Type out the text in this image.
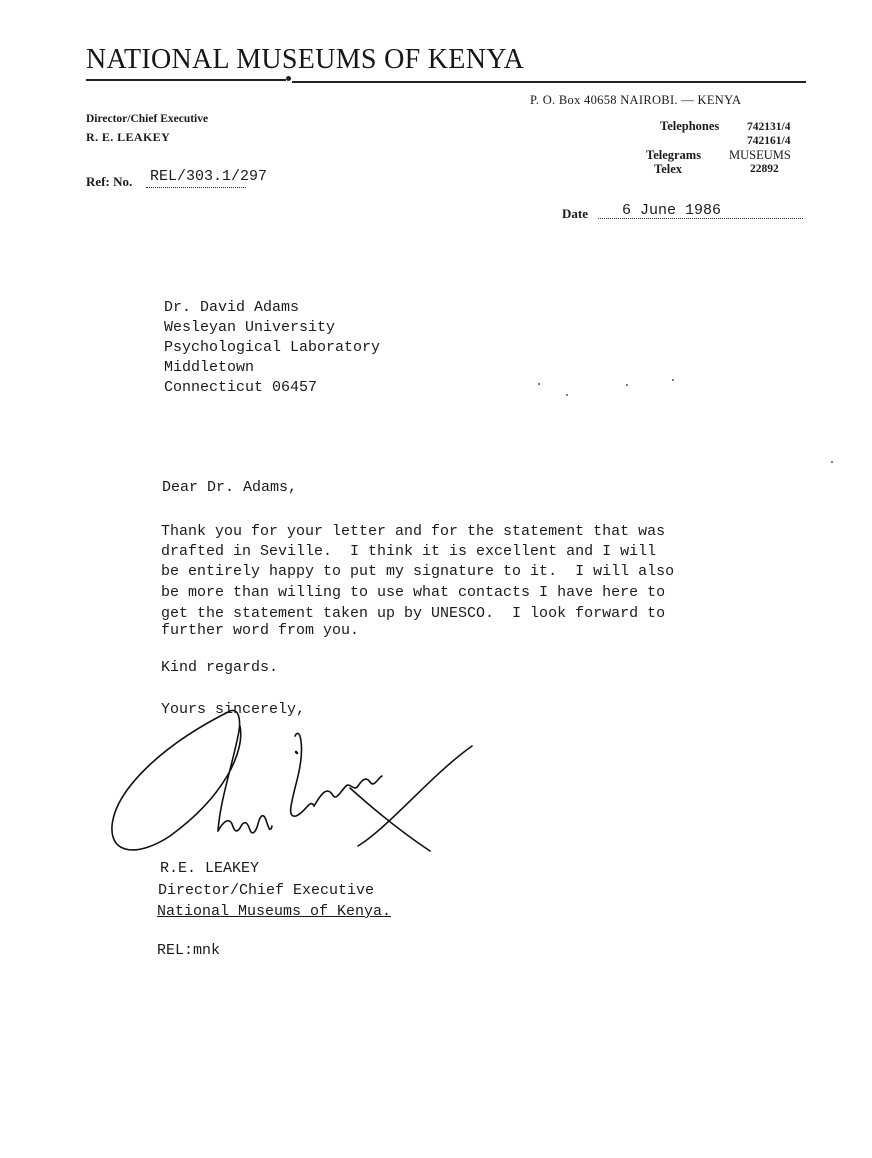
NATIONAL MUSEUMS OF KENYA
Director/Chief Executive
R. E. LEAKEY
P. O. Box 40658 NAIROBI. — KENYA
Telephones 742131/4
742161/4
Telegrams MUSEUMS
Telex	22892
Ref: No. REL/303.1/297
Date 6 June 1986
Dr. David Adams
Wesleyan University
Psychological Laboratory
Middletown
Connecticut 06457
Dear Dr. Adams,
Thank you for your letter and for the statement that was
drafted in Seville.  I think it is excellent and I will
be entirely happy to put my signature to it.  I will also
be more than willing to use what contacts I have here to
get the statement taken up by UNESCO.  I look forward to
further word from you.
Kind regards.
Yours sincerely,
R.E. LEAKEY
Director/Chief Executive
National Museums of Kenya.
REL:mnk
